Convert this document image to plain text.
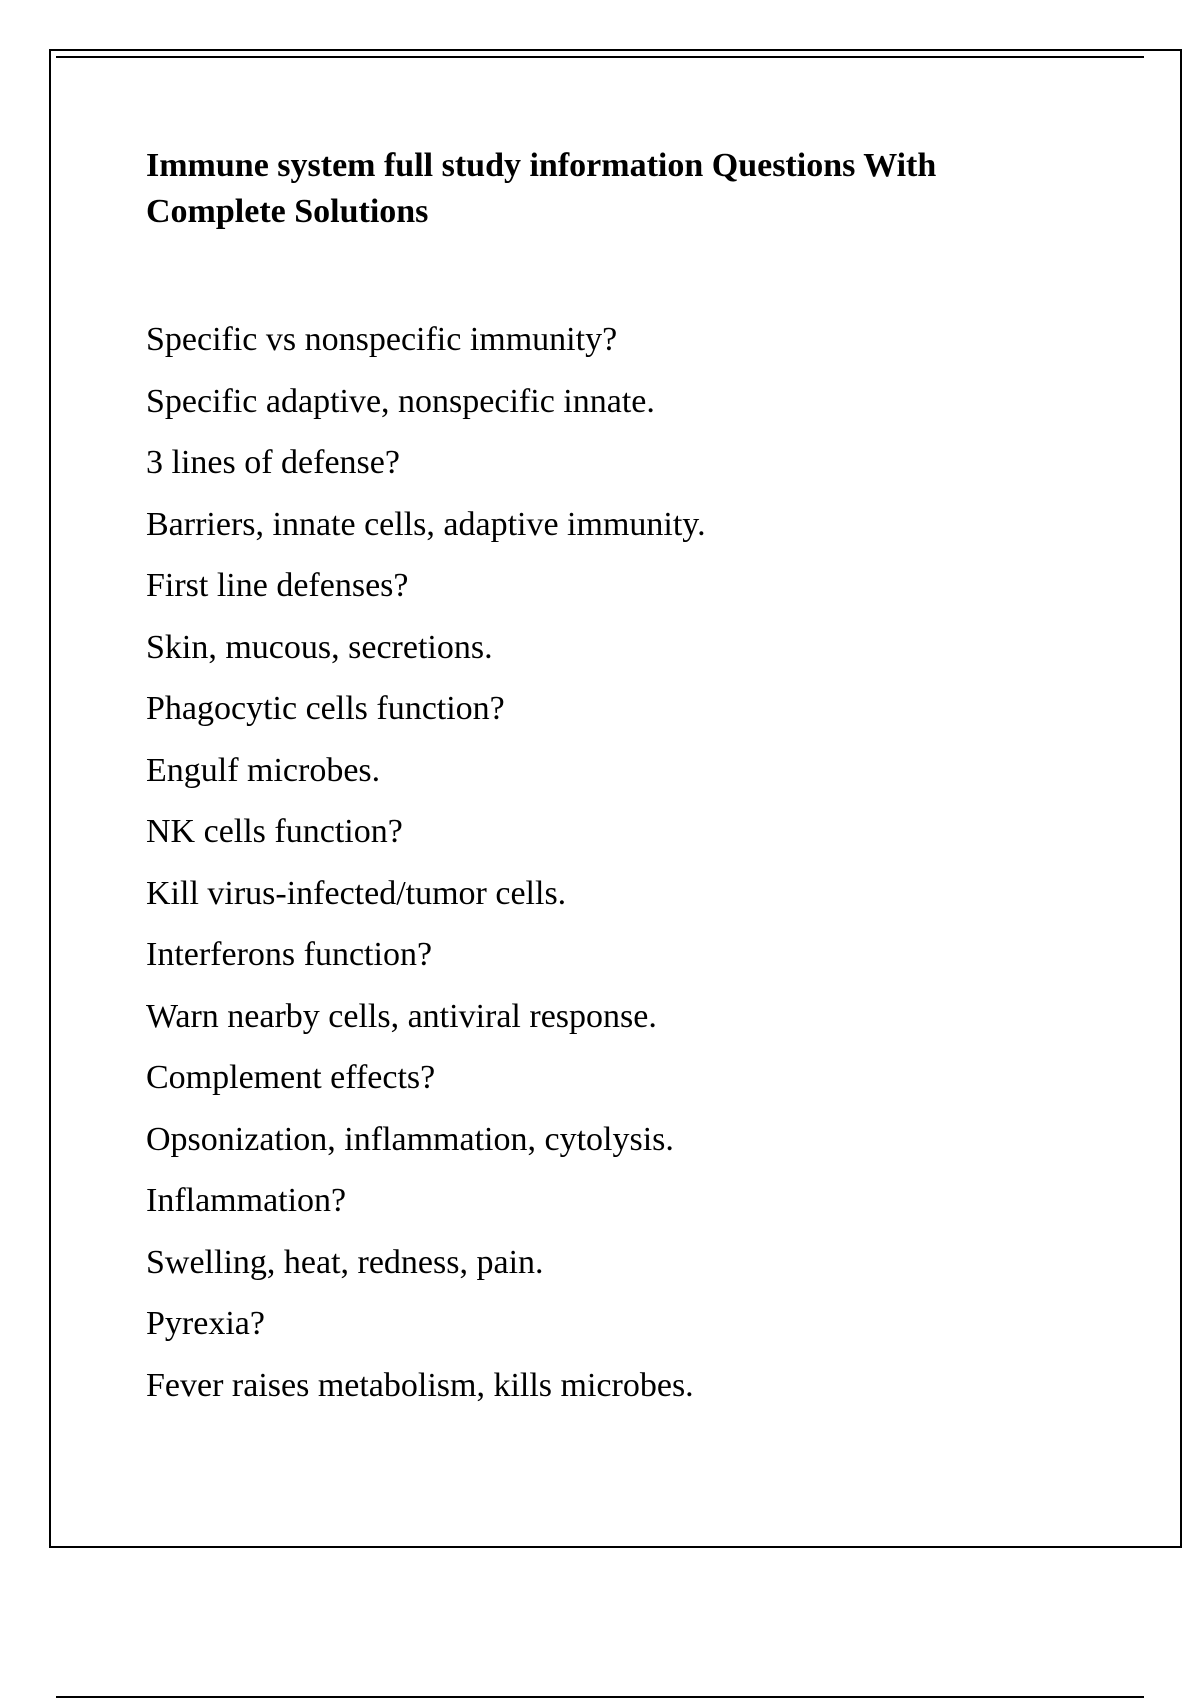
Immune system full study information Questions With Complete Solutions
Specific vs nonspecific immunity?
Specific adaptive, nonspecific innate.
3 lines of defense?
Barriers, innate cells, adaptive immunity.
First line defenses?
Skin, mucous, secretions.
Phagocytic cells function?
Engulf microbes.
NK cells function?
Kill virus-infected/tumor cells.
Interferons function?
Warn nearby cells, antiviral response.
Complement effects?
Opsonization, inflammation, cytolysis.
Inflammation?
Swelling, heat, redness, pain.
Pyrexia?
Fever raises metabolism, kills microbes.
